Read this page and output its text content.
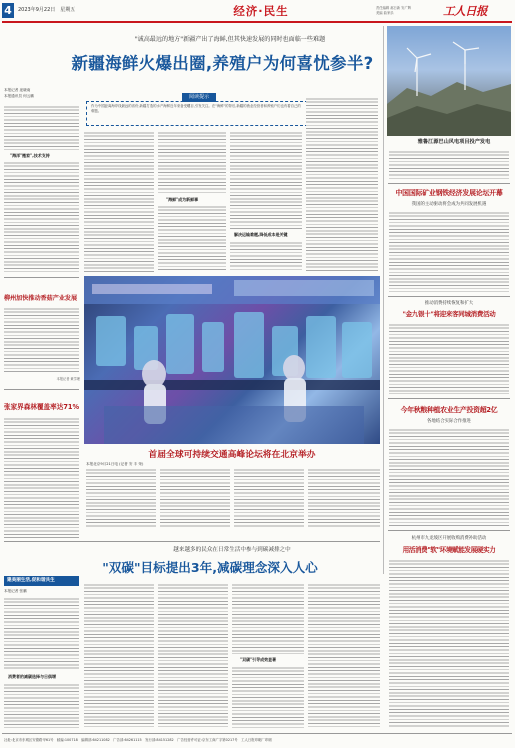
4	2023年9月22日　星期五	经济·民生	责任编辑 郝日新 安广辉
美编 曲家乐	工人日报
本报记者 庞晓南
本报通讯员 何云鹏
"海洋"搬家",技术支持
柳州加快推动香菇产业发展
本报记者 黄学理
张家界森林覆盖率达71%
"诚高最远的地方"新疆产出了海鲜,但其快速发展的同时也面临一些难题
新疆海鲜火爆出圈,养殖户为何喜忧参半?
阅读提示
作为中国距离海岸线最远的省份,新疆打造的水产海鲜近年来备受瞩目,引发关注。在"海鲜"的背后,新疆的渔业经营者和养殖户们也有着自己的难题。
"海鲜"成为新鲜事
解决运输难题,降低成本是关键
雅鲁江源巴山风电项目投产发电
中国国际矿业钢铁经济发展论坛开幕
我国的主动驱动将会成为共同发展机遇
推动消费持续恢复和扩大
"金九银十"将迎来客同城消费活动
今年秋粮种植农业生产投资超2亿
各地结合实际合作推进
杭州市九龙坡区开展收购消费补助活动
用活消费"软"环境赋能发展硬实力
首届全球可持续交通高峰论坛将在北京举办
本报北京9月21日电 (记者 安 丰 荣)
越来越多的民众在日常生活中参与到碳减排之中
"双碳"目标提出3年,减碳理念深入人心
建美丽生活,促和谐共生
本报记者 张鹏
消费者的减碳选择与日俱增
"双碳"引导成效显著
社址:北京市东城区安德路甲61号　邮编:100718　编辑部:64211082　广告部:64261115　发行部:84151282　广告经营许可证:京东工商广字第0217号　工人日报印刷厂印刷
